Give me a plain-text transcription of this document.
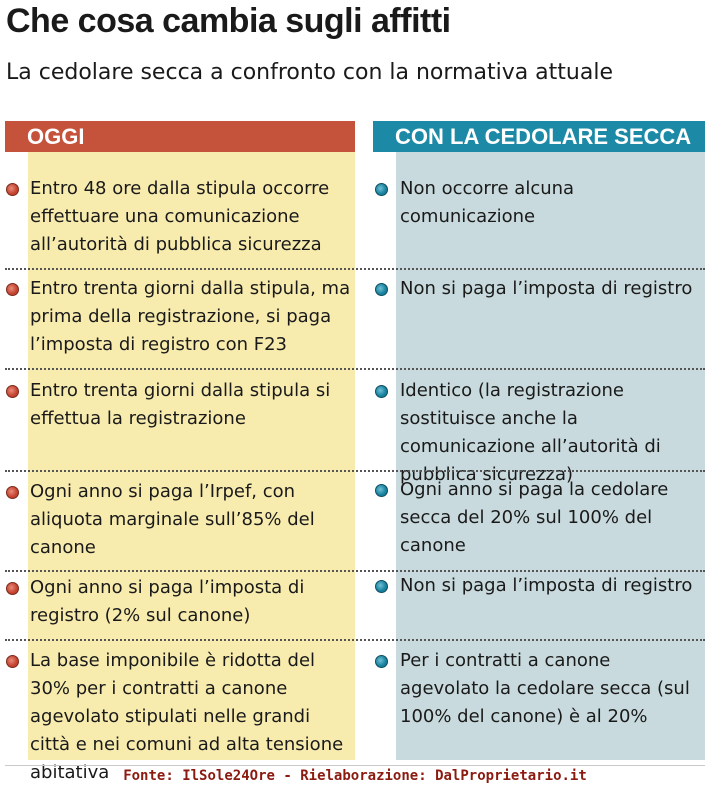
Che cosa cambia sugli affitti
La cedolare secca a confronto con la normativa attuale
OGGI	CON LA CEDOLARE SECCA
Entro 48 ore dalla stipula occorre effettuare una comunicazione all’autorità di pubblica sicurezza
Non occorre alcuna comunicazione
Entro trenta giorni dalla stipula, ma prima della registrazione, si paga l’imposta di registro con F23
Non si paga l’imposta di registro
Entro trenta giorni dalla stipula si effettua la registrazione
Identico (la registrazione sostituisce anche la comunicazione all’autorità di pubblica sicurezza)
Ogni anno si paga l’Irpef, con aliquota marginale sull’85% del canone
Ogni anno si paga la cedolare secca del 20% sul 100% del canone
Ogni anno si paga l’imposta di registro (2% sul canone)
Non si paga l’imposta di registro
La base imponibile è ridotta del 30% per i contratti a canone agevolato stipulati nelle grandi città e nei comuni ad alta tensione abitativa
Per i contratti a canone agevolato la cedolare secca (sul 100% del canone) è al 20%
Fonte: IlSole24Ore - Rielaborazione: DalProprietario.it
